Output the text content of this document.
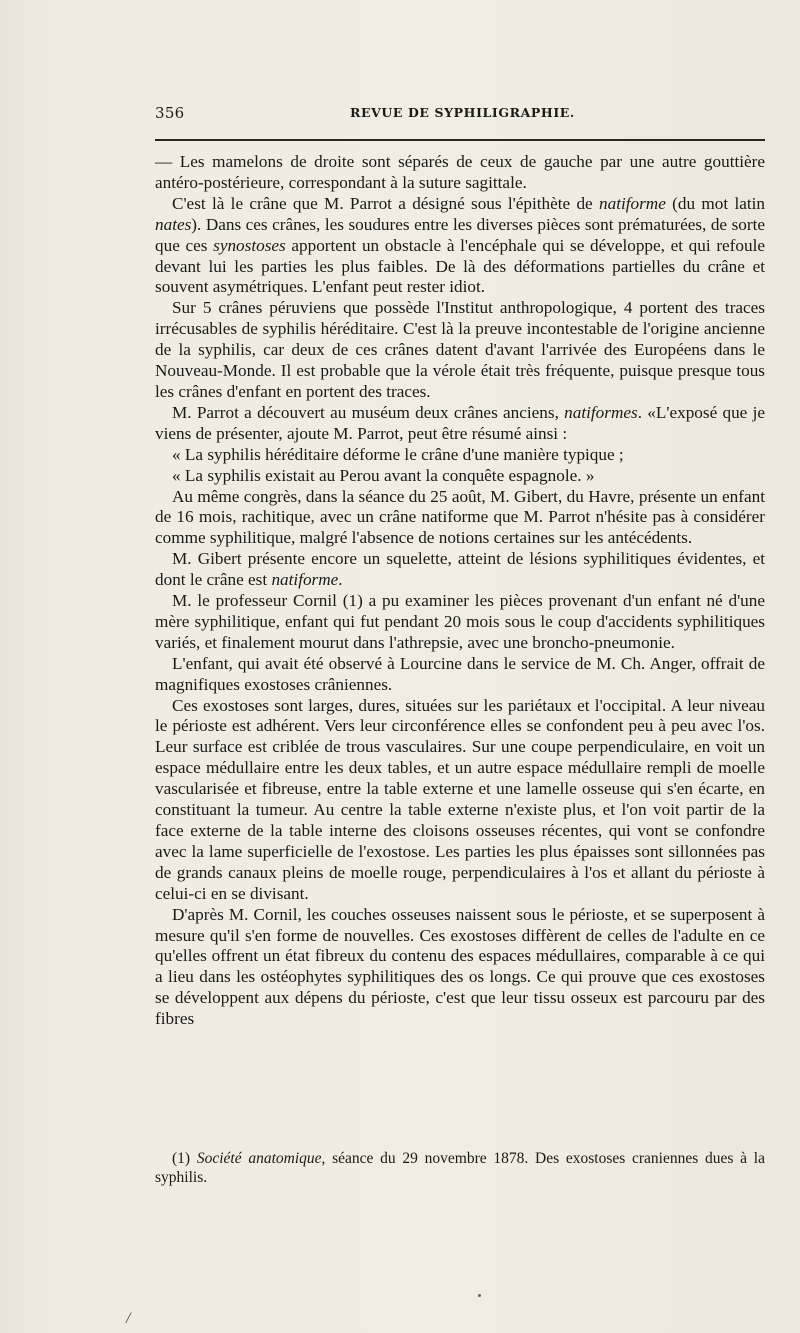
356	REVUE DE SYPHILIGRAPHIE.

— Les mamelons de droite sont séparés de ceux de gauche par une autre gouttière antéro-postérieure, correspondant à la suture sagittale.

C'est là le crâne que M. Parrot a désigné sous l'épithète de natiforme (du mot latin nates). Dans ces crânes, les soudures entre les diverses pièces sont prématurées, de sorte que ces synostoses apportent un obstacle à l'encéphale qui se développe, et qui refoule devant lui les parties les plus faibles. De là des déformations partielles du crâne et souvent asymétriques. L'enfant peut rester idiot.

Sur 5 crânes péruviens que possède l'Institut anthropologique, 4 portent des traces irrécusables de syphilis héréditaire. C'est là la preuve incontestable de l'origine ancienne de la syphilis, car deux de ces crânes datent d'avant l'arrivée des Européens dans le Nouveau-Monde. Il est probable que la vérole était très fréquente, puisque presque tous les crânes d'enfant en portent des traces.

M. Parrot a découvert au muséum deux crânes anciens, natiformes. «L'exposé que je viens de présenter, ajoute M. Parrot, peut être résumé ainsi :

« La syphilis héréditaire déforme le crâne d'une manière typique ;

« La syphilis existait au Perou avant la conquête espagnole. »

Au même congrès, dans la séance du 25 août, M. Gibert, du Havre, présente un enfant de 16 mois, rachitique, avec un crâne natiforme que M. Parrot n'hésite pas à considérer comme syphilitique, malgré l'absence de notions certaines sur les antécédents.

M. Gibert présente encore un squelette, atteint de lésions syphilitiques évidentes, et dont le crâne est natiforme.

M. le professeur Cornil (1) a pu examiner les pièces provenant d'un enfant né d'une mère syphilitique, enfant qui fut pendant 20 mois sous le coup d'accidents syphilitiques variés, et finalement mourut dans l'athrepsie, avec une broncho-pneumonie.

L'enfant, qui avait été observé à Lourcine dans le service de M. Ch. Anger, offrait de magnifiques exostoses crâniennes.

Ces exostoses sont larges, dures, situées sur les pariétaux et l'occipital. A leur niveau le périoste est adhérent. Vers leur circonférence elles se confondent peu à peu avec l'os. Leur surface est criblée de trous vasculaires. Sur une coupe perpendiculaire, en voit un espace médullaire entre les deux tables, et un autre espace médullaire rempli de moelle vascularisée et fibreuse, entre la table externe et une lamelle osseuse qui s'en écarte, en constituant la tumeur. Au centre la table externe n'existe plus, et l'on voit partir de la face externe de la table interne des cloisons osseuses récentes, qui vont se confondre avec la lame superficielle de l'exostose. Les parties les plus épaisses sont sillonnées pas de grands canaux pleins de moelle rouge, perpendiculaires à l'os et allant du périoste à celui-ci en se divisant.

D'après M. Cornil, les couches osseuses naissent sous le périoste, et se superposent à mesure qu'il s'en forme de nouvelles. Ces exostoses diffèrent de celles de l'adulte en ce qu'elles offrent un état fibreux du contenu des espaces médullaires, comparable à ce qui a lieu dans les ostéophytes syphilitiques des os longs. Ce qui prouve que ces exostoses se développent aux dépens du périoste, c'est que leur tissu osseux est parcouru par des fibres

(1) Société anatomique, séance du 29 novembre 1878. Des exostoses craniennes dues à la syphilis.

/
